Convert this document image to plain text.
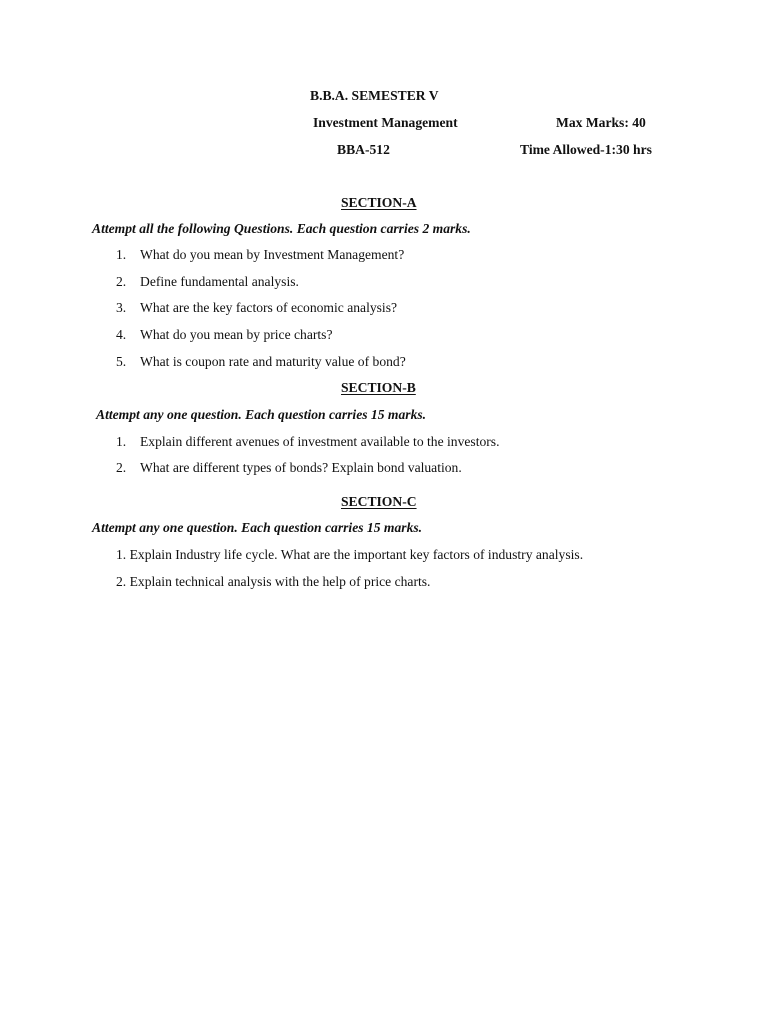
B.B.A. SEMESTER V
Investment Management	Max Marks: 40
BBA-512	Time Allowed-1:30 hrs
SECTION-A
Attempt all the following Questions. Each question carries 2 marks.
1. What do you mean by Investment Management?
2. Define fundamental analysis.
3. What are the key factors of economic analysis?
4. What do you mean by price charts?
5. What is coupon rate and maturity value of bond?
SECTION-B
Attempt any one question. Each question carries 15 marks.
1. Explain different avenues of investment available to the investors.
2. What are different types of bonds? Explain bond valuation.
SECTION-C
Attempt any one question. Each question carries 15 marks.
1. Explain Industry life cycle. What are the important key factors of industry analysis.
2. Explain technical analysis with the help of price charts.
